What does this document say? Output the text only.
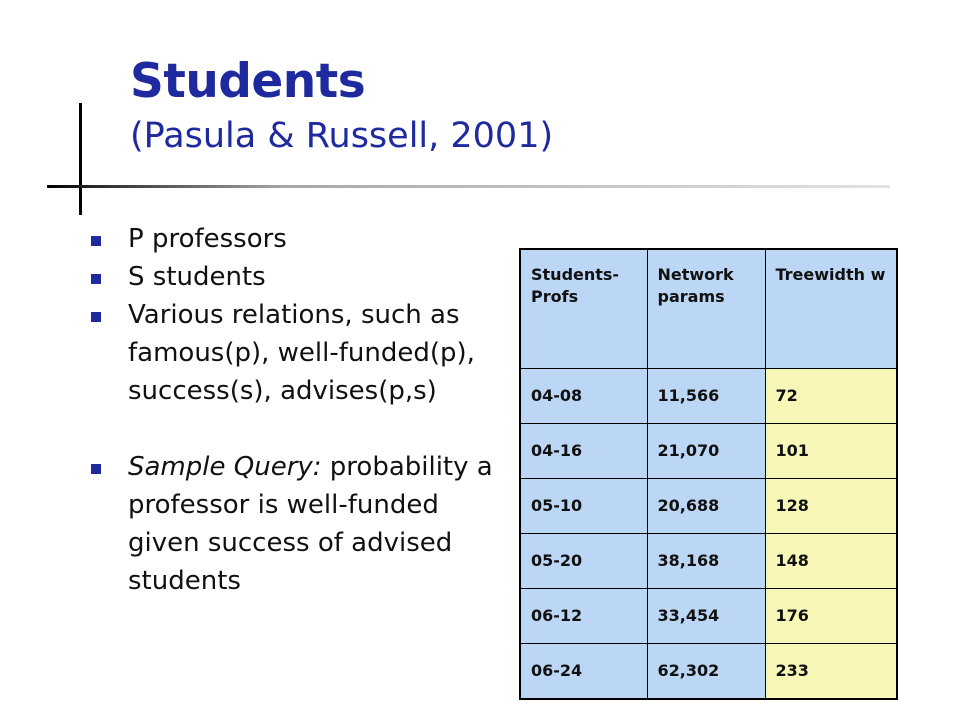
Students
(Pasula & Russell, 2001)
P professors
S students
Various relations, such as famous(p), well-funded(p), success(s), advises(p,s)
Sample Query: probability a professor is well-funded given success of advised students
Students-Profs	Network params	Treewidth w
04-08	11,566	72
04-16	21,070	101
05-10	20,688	128
05-20	38,168	148
06-12	33,454	176
06-24	62,302	233
